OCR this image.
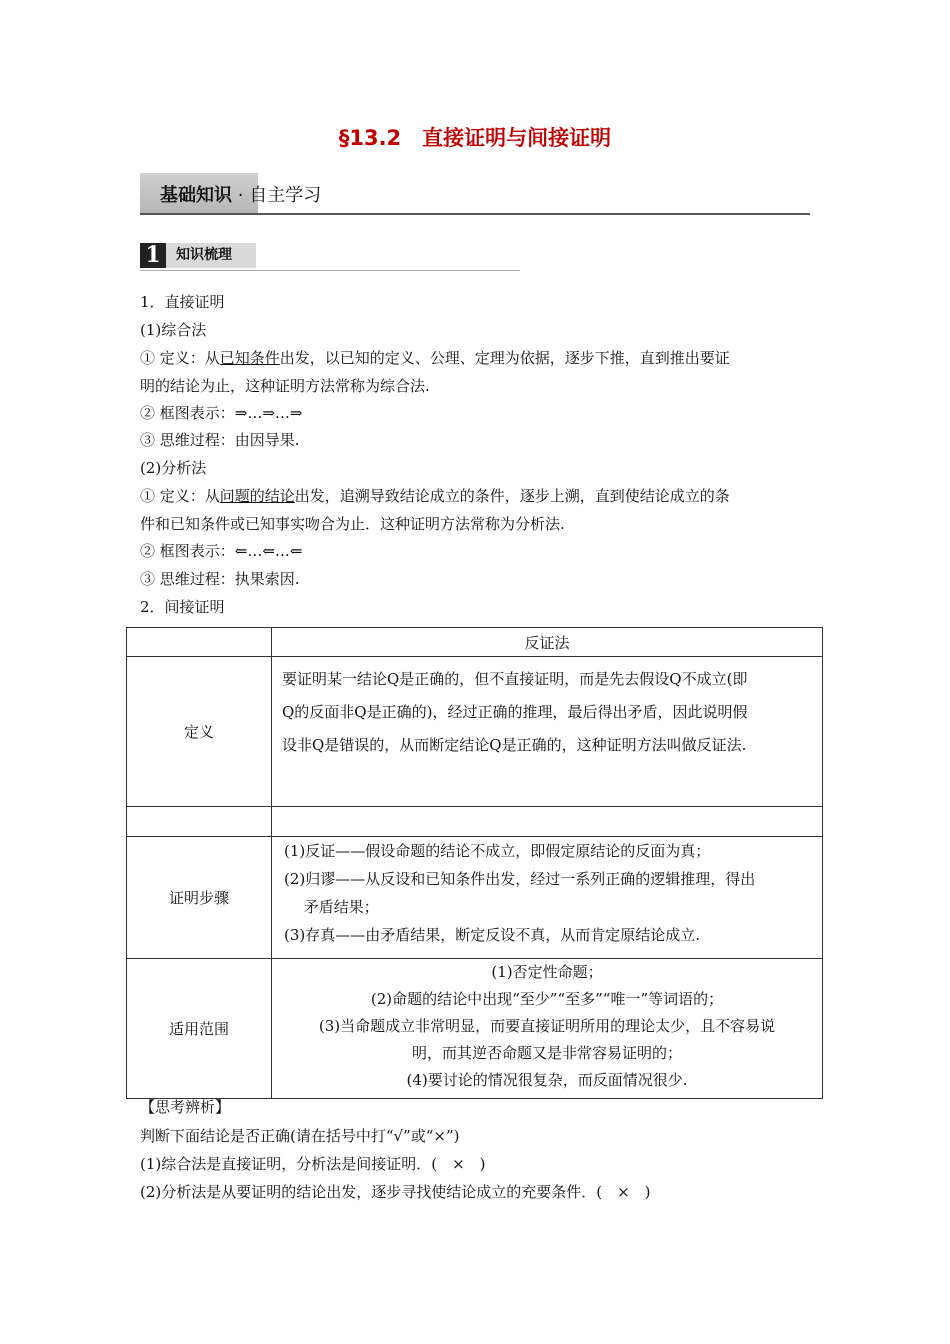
§13.2　直接证明与间接证明
基础知识 · 自主学习
1	知识梳理
1．直接证明
(1)综合法
① 定义：从已知条件出发，以已知的定义、公理、定理为依据，逐步下推，直到推出要证
明的结论为止，这种证明方法常称为综合法.
② 框图表示：⇒…⇒…⇒
③ 思维过程：由因导果.
(2)分析法
① 定义：从问题的结论出发，追溯导致结论成立的条件，逐步上溯，直到使结论成立的条
件和已知条件或已知事实吻合为止．这种证明方法常称为分析法.
② 框图表示：⇐…⇐…⇐
③ 思维过程：执果索因.
2．间接证明
	反证法
定义	要证明某一结论Q是正确的，但不直接证明，而是先去假设Q不成立(即
Q的反面非Q是正确的)，经过正确的推理，最后得出矛盾，因此说明假
设非Q是错误的，从而断定结论Q是正确的，这种证明方法叫做反证法.

证明步骤	(1)反证——假设命题的结论不成立，即假定原结论的反面为真；
(2)归谬——从反设和已知条件出发，经过一系列正确的逻辑推理，得出
　 矛盾结果；
(3)存真——由矛盾结果，断定反设不真，从而肯定原结论成立.

适用范围	(1)否定性命题；
(2)命题的结论中出现“至少”“至多”“唯一”等词语的；
(3)当命题成立非常明显，而要直接证明所用的理论太少，且不容易说
明，而其逆否命题又是非常容易证明的；
(4)要讨论的情况很复杂，而反面情况很少.
【思考辨析】
判断下面结论是否正确(请在括号中打“√”或“×”)
(1)综合法是直接证明，分析法是间接证明．(　×　)
(2)分析法是从要证明的结论出发，逐步寻找使结论成立的充要条件．(　×　)
